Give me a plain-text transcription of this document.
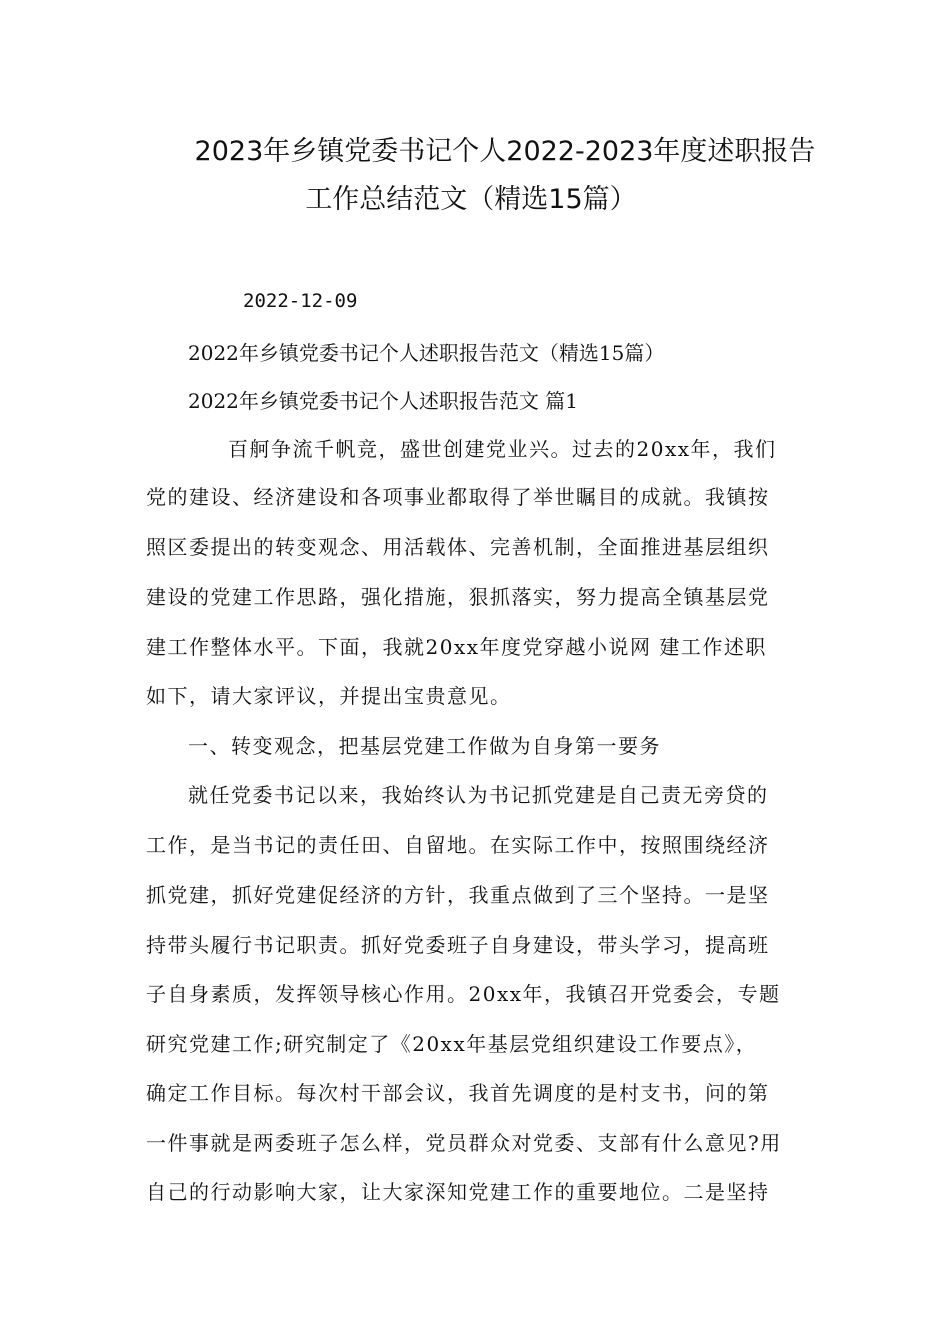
2023年乡镇党委书记个人2022-2023年度述职报告
工作总结范文（精选15篇）
2022-12-09
2022年乡镇党委书记个人述职报告范文（精选15篇）
2022年乡镇党委书记个人述职报告范文 篇1
百舸争流千帆竞，盛世创建党业兴。过去的20xx年，我们
党的建设、经济建设和各项事业都取得了举世瞩目的成就。我镇按
照区委提出的转变观念、用活载体、完善机制，全面推进基层组织
建设的党建工作思路，强化措施，狠抓落实，努力提高全镇基层党
建工作整体水平。下面，我就20xx年度党穿越小说网 建工作述职
如下，请大家评议，并提出宝贵意见。
一、转变观念，把基层党建工作做为自身第一要务
就任党委书记以来，我始终认为书记抓党建是自己责无旁贷的
工作，是当书记的责任田、自留地。在实际工作中，按照围绕经济
抓党建，抓好党建促经济的方针，我重点做到了三个坚持。一是坚
持带头履行书记职责。抓好党委班子自身建设，带头学习，提高班
子自身素质，发挥领导核心作用。20xx年，我镇召开党委会，专题
研究党建工作;研究制定了《20xx年基层党组织建设工作要点》，
确定工作目标。每次村干部会议，我首先调度的是村支书，问的第
一件事就是两委班子怎么样，党员群众对党委、支部有什么意见?用
自己的行动影响大家，让大家深知党建工作的重要地位。二是坚持
